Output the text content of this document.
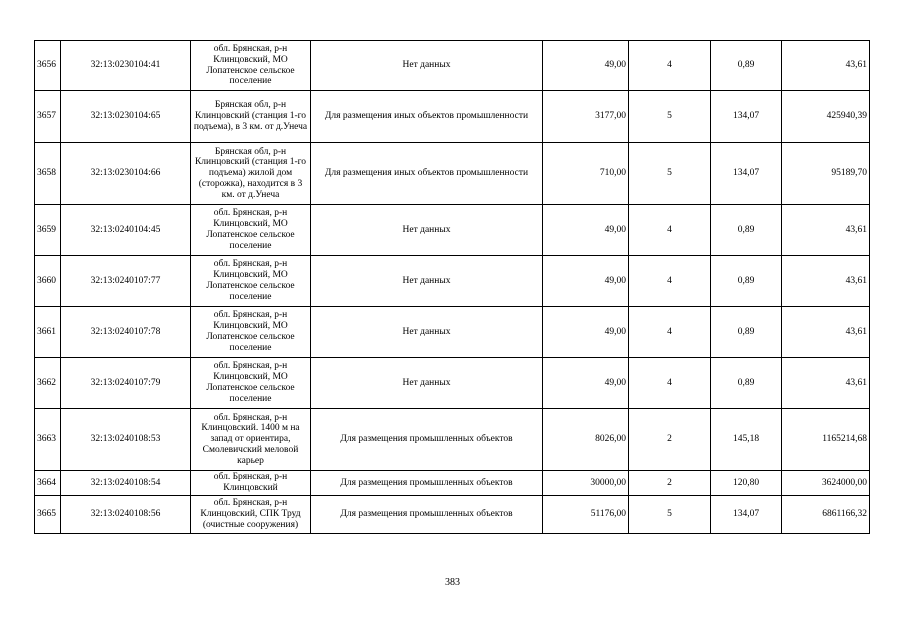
3656	32:13:0230104:41	обл. Брянская, р-н Клинцовский, МО Лопатенское сельское поселение	Нет данных	49,00	4	0,89	43,61
3657	32:13:0230104:65	Брянская обл, р-н Клинцовский (станция 1-го подъема), в 3 км. от д.Унеча	Для размещения иных объектов промышленности	3177,00	5	134,07	425940,39
3658	32:13:0230104:66	Брянская обл, р-н Клинцовский (станция 1-го подъема) жилой дом (сторожка), находится в 3 км. от д.Унеча	Для размещения иных объектов промышленности	710,00	5	134,07	95189,70
3659	32:13:0240104:45	обл. Брянская, р-н Клинцовский, МО Лопатенское сельское поселение	Нет данных	49,00	4	0,89	43,61
3660	32:13:0240107:77	обл. Брянская, р-н Клинцовский, МО Лопатенское сельское поселение	Нет данных	49,00	4	0,89	43,61
3661	32:13:0240107:78	обл. Брянская, р-н Клинцовский, МО Лопатенское сельское поселение	Нет данных	49,00	4	0,89	43,61
3662	32:13:0240107:79	обл. Брянская, р-н Клинцовский, МО Лопатенское сельское поселение	Нет данных	49,00	4	0,89	43,61
3663	32:13:0240108:53	обл. Брянская, р-н Клинцовский. 1400 м на запад от ориентира, Смолевичский меловой карьер	Для размещения промышленных объектов	8026,00	2	145,18	1165214,68
3664	32:13:0240108:54	обл. Брянская, р-н Клинцовский	Для размещения промышленных объектов	30000,00	2	120,80	3624000,00
3665	32:13:0240108:56	обл. Брянская, р-н Клинцовский, СПК Труд (очистные сооружения)	Для размещения промышленных объектов	51176,00	5	134,07	6861166,32
383
